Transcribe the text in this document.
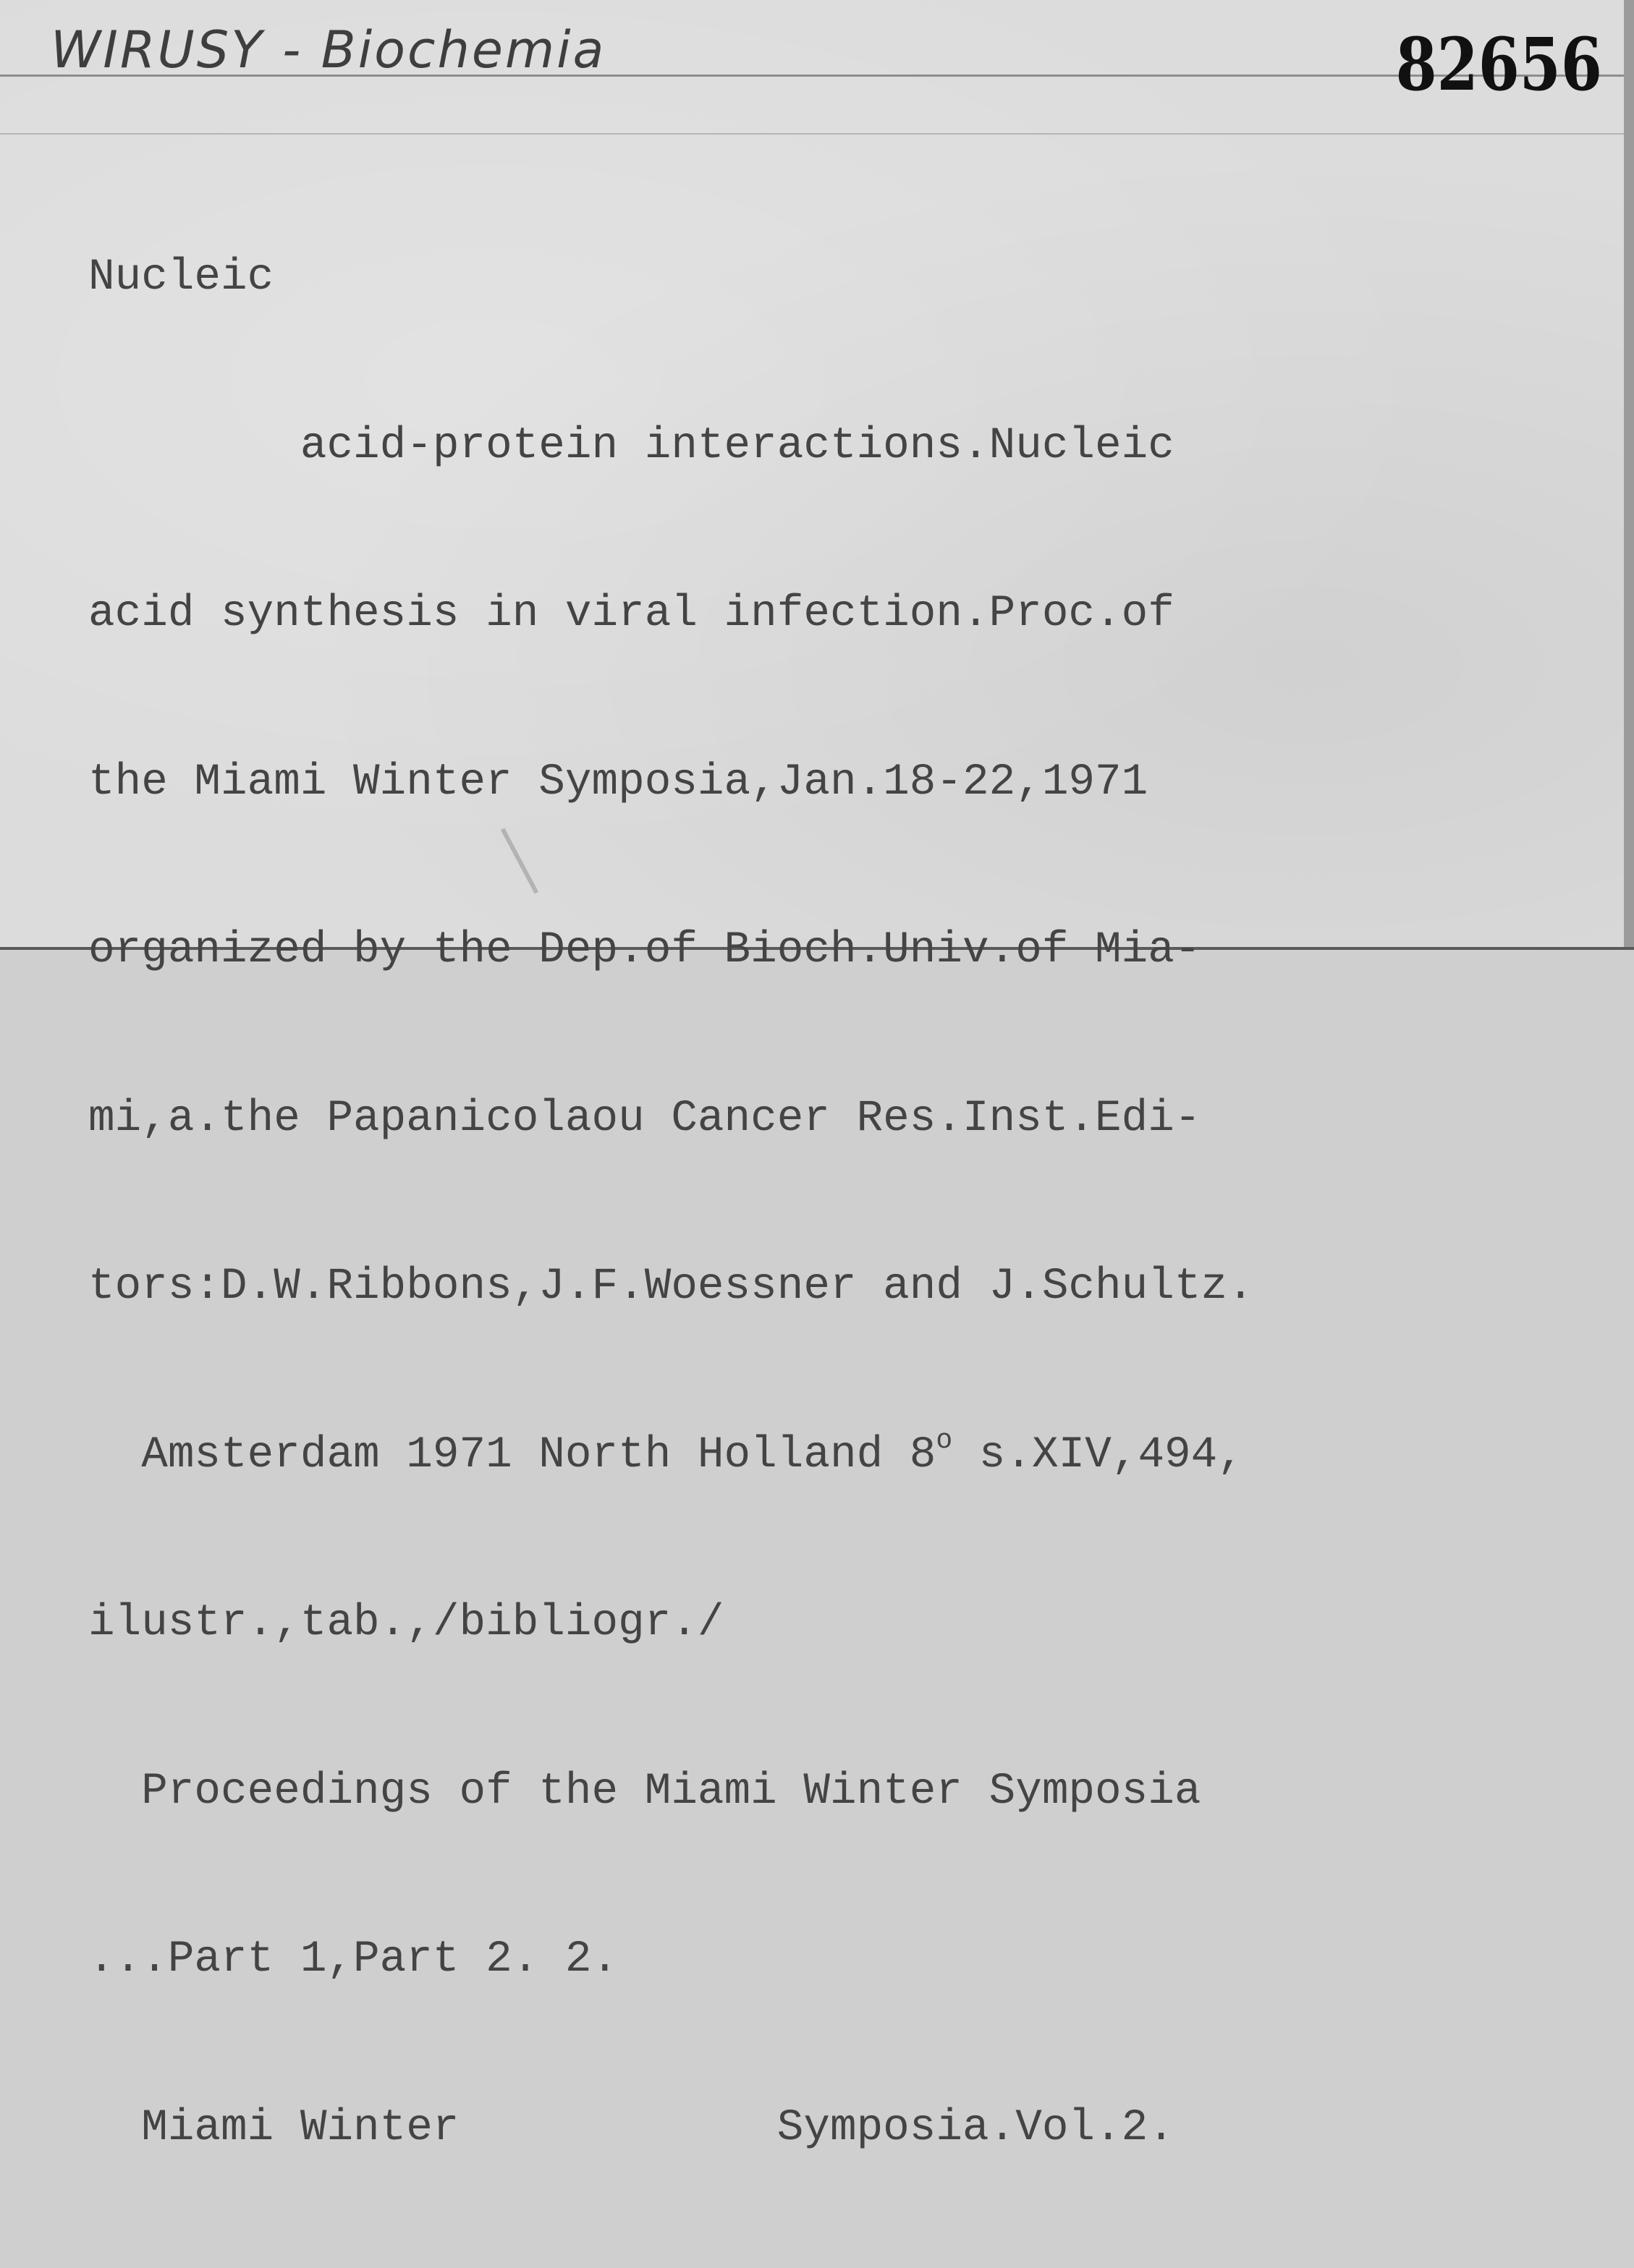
WIRUSY - Biochemia	82656

Nucleic

acid-protein interactions.Nucleic

acid synthesis in viral infection.Proc.of

the Miami Winter Symposia,Jan.18-22,1971

organized by the Dep.of Bioch.Univ.of Mia-

mi,a.the Papanicolaou Cancer Res.Inst.Edi-

tors:D.W.Ribbons,J.F.Woessner and J.Schultz.

Amsterdam 1971 North Holland 8$^o$ s.XIV,494,

ilustr.,tab.,/bibliogr./

Proceedings of the Miami Winter Symposia

...Part 1,Part 2. 2.

Miami Winter            Symposia.Vol.2.
